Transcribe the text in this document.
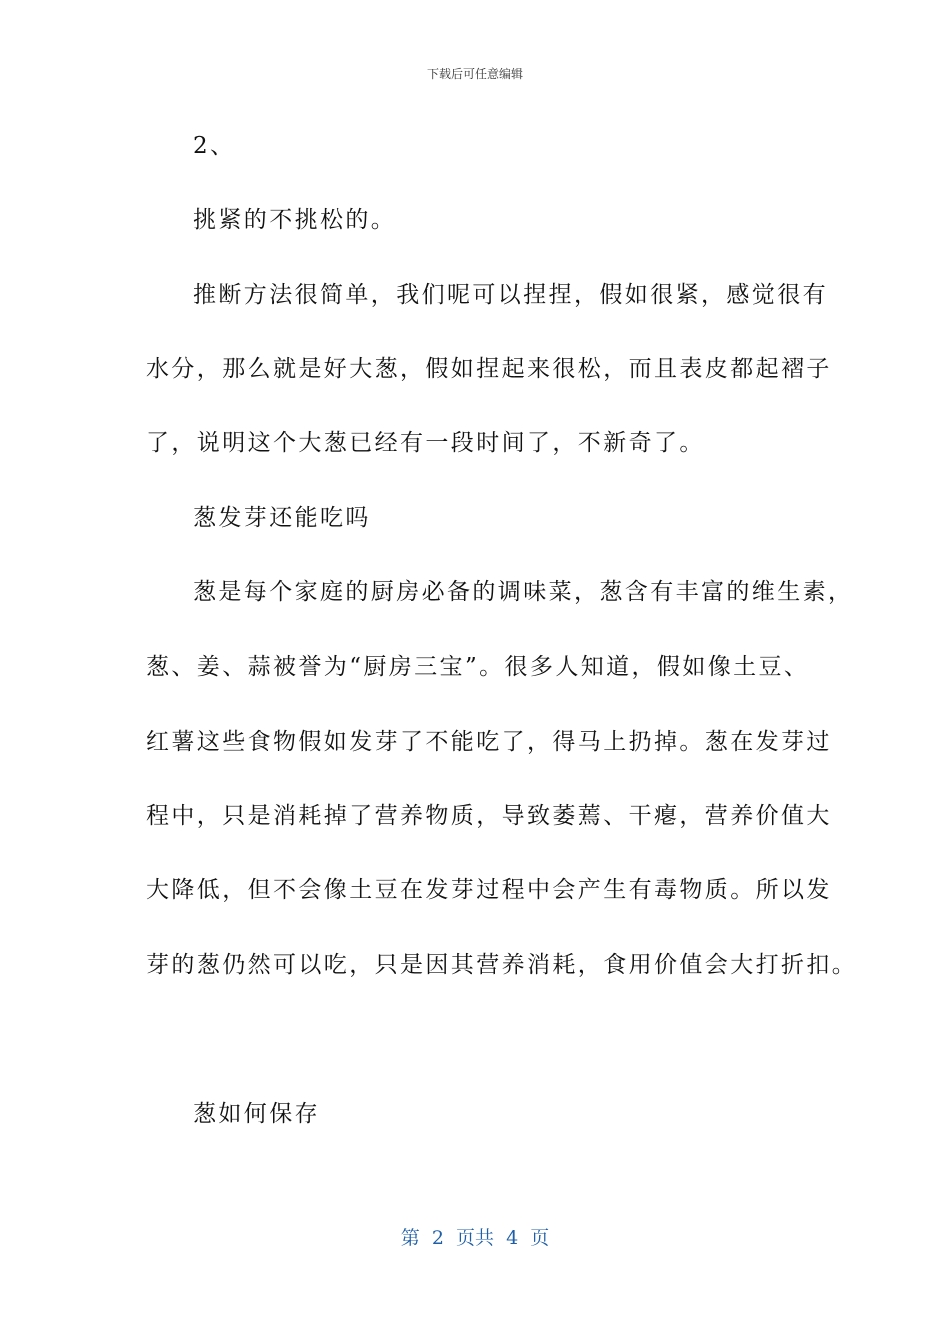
下载后可任意编辑
2、
挑紧的不挑松的。
推断方法很简单，我们呢可以捏捏，假如很紧，感觉很有
水分，那么就是好大葱，假如捏起来很松，而且表皮都起褶子
了，说明这个大葱已经有一段时间了，不新奇了。
葱发芽还能吃吗
葱是每个家庭的厨房必备的调味菜，葱含有丰富的维生素，
葱、姜、蒜被誉为“厨房三宝”。很多人知道，假如像土豆、
红薯这些食物假如发芽了不能吃了，得马上扔掉。葱在发芽过
程中，只是消耗掉了营养物质，导致萎蔫、干瘪，营养价值大
大降低，但不会像土豆在发芽过程中会产生有毒物质。所以发
芽的葱仍然可以吃，只是因其营养消耗，食用价值会大打折扣。
葱如何保存
第  2  页共  4  页
